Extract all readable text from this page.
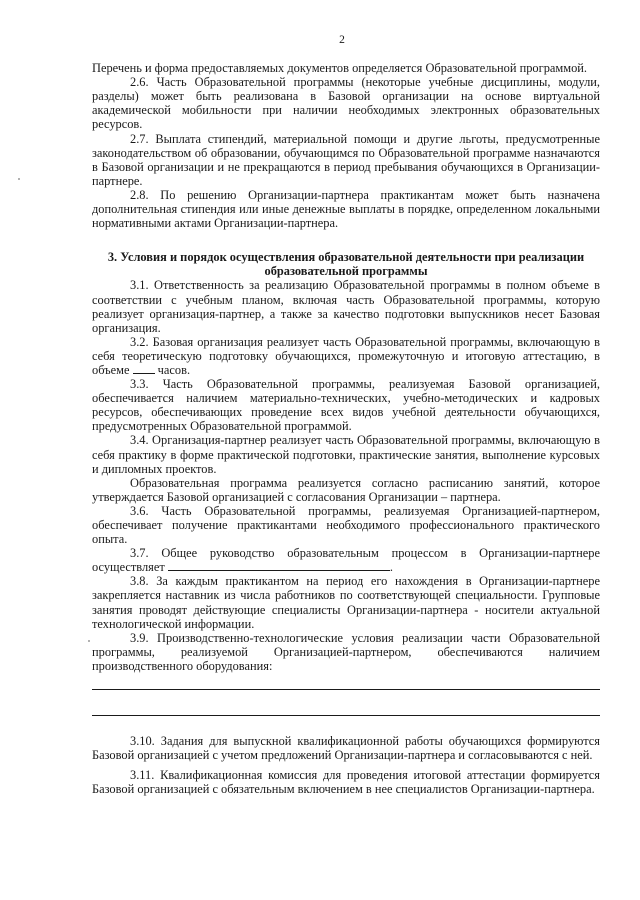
2

Перечень и форма предоставляемых документов определяется Образовательной программой.

2.6. Часть Образовательной программы (некоторые учебные дисциплины, модули, разделы) может быть реализована в Базовой организации на основе виртуальной академической мобильности при наличии необходимых электронных образовательных ресурсов.

2.7. Выплата стипендий, материальной помощи и другие льготы, предусмотренные законодательством об образовании, обучающимся по Образовательной программе назначаются в Базовой организации и не прекращаются в период пребывания обучающихся в Организации-партнере.

2.8. По решению Организации-партнера практикантам может быть назначена дополнительная стипендия или иные денежные выплаты в порядке, определенном локальными нормативными актами Организации-партнера.

3. Условия и порядок осуществления образовательной деятельности при реализации образовательной программы

3.1. Ответственность за реализацию Образовательной программы в полном объеме в соответствии с учебным планом, включая часть Образовательной программы, которую реализует организация-партнер, а также за качество подготовки выпускников несет Базовая организация.

3.2. Базовая организация реализует часть Образовательной программы, включающую в себя теоретическую подготовку обучающихся, промежуточную и итоговую аттестацию, в объеме часов.

3.3. Часть Образовательной программы, реализуемая Базовой организацией, обеспечивается наличием материально-технических, учебно-методических и кадровых ресурсов, обеспечивающих проведение всех видов учебной деятельности обучающихся, предусмотренных Образовательной программой.

3.4. Организация-партнер реализует часть Образовательной программы, включающую в себя практику в форме практической подготовки, практические занятия, выполнение курсовых и дипломных проектов.

Образовательная программа реализуется согласно расписанию занятий, которое утверждается Базовой организацией с согласования Организации – партнера.

3.6. Часть Образовательной программы, реализуемая Организацией-партнером, обеспечивает получение практикантами необходимого профессионального практического опыта.

3.7. Общее руководство образовательным процессом в Организации-партнере осуществляет	.

3.8. За каждым практикантом на период его нахождения в Организации-партнере закрепляется наставник из числа работников по соответствующей специальности. Групповые занятия проводят действующие специалисты Организации-партнера - носители актуальной технологической информации.

3.9. Производственно-технологические условия реализации части Образовательной программы, реализуемой Организацией-партнером, обеспечиваются наличием производственного оборудования:

3.10. Задания для выпускной квалификационной работы обучающихся формируются Базовой организацией с учетом предложений Организации-партнера и согласовываются с ней.

3.11. Квалификационная комиссия для проведения итоговой аттестации формируется Базовой организацией с обязательным включением в нее специалистов Организации-партнера.
